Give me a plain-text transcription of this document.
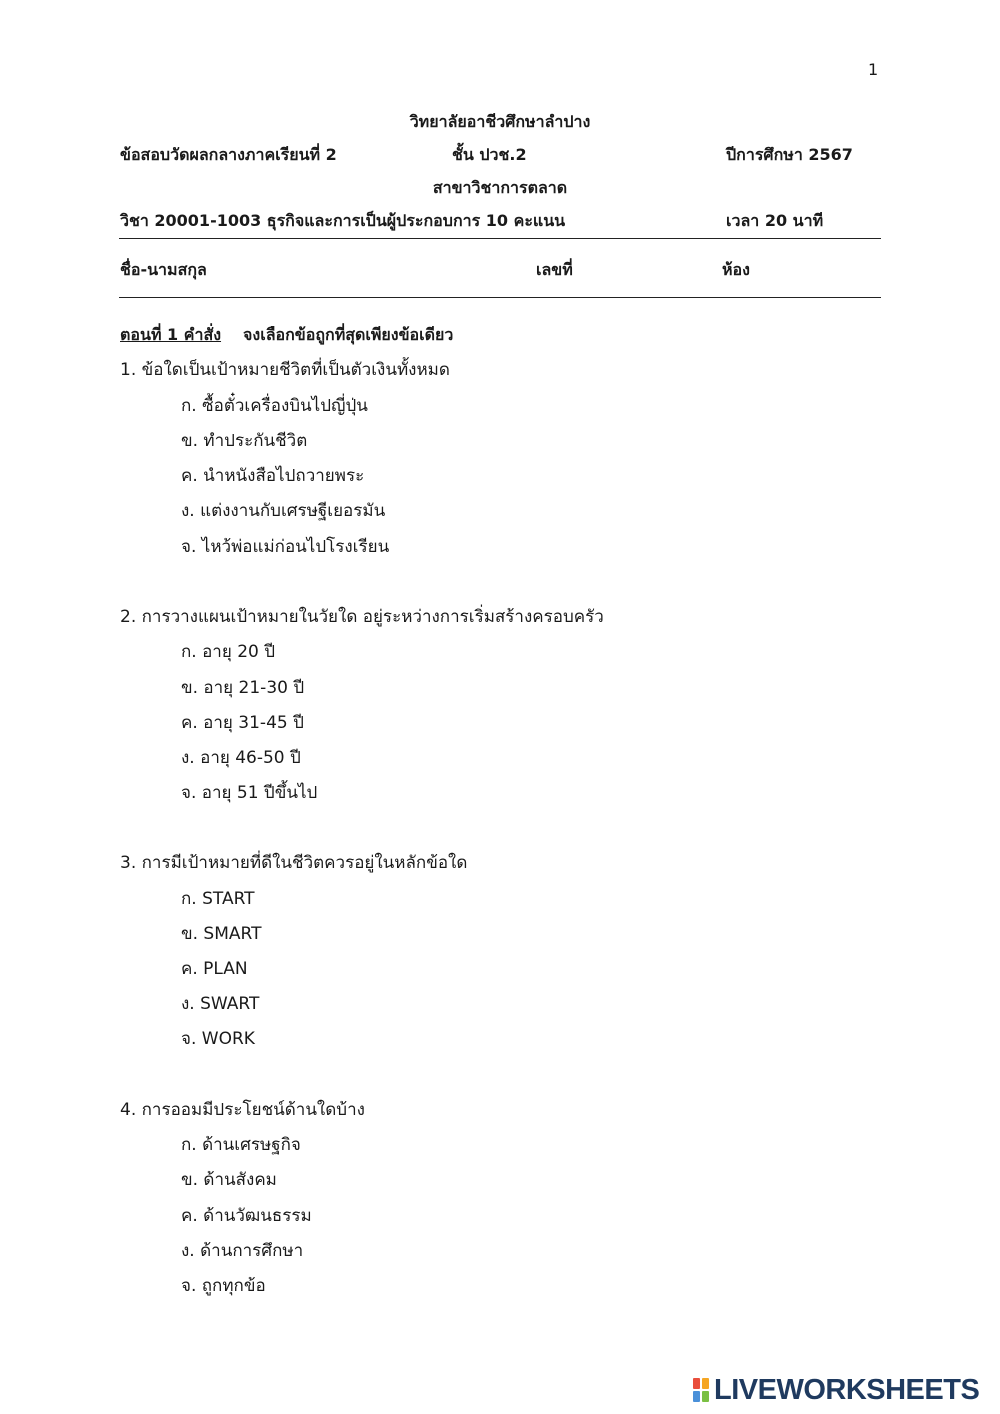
1
วิทยาลัยอาชีวศึกษาลำปาง
ข้อสอบวัดผลกลางภาคเรียนที่ 2	ชั้น ปวช.2	ปีการศึกษา 2567
สาขาวิชาการตลาด
วิชา 20001-1003 ธุรกิจและการเป็นผู้ประกอบการ 10 คะแนน	เวลา 20 นาที
ชื่อ-นามสกุล	เลขที่	ห้อง
ตอนที่ 1 คำสั่ง จงเลือกข้อถูกที่สุดเพียงข้อเดียว
1. ข้อใดเป็นเป้าหมายชีวิตที่เป็นตัวเงินทั้งหมด
ก. ซื้อตั๋วเครื่องบินไปญี่ปุ่น
ข. ทำประกันชีวิต
ค. นำหนังสือไปถวายพระ
ง. แต่งงานกับเศรษฐีเยอรมัน
จ. ไหว้พ่อแม่ก่อนไปโรงเรียน
2. การวางแผนเป้าหมายในวัยใด อยู่ระหว่างการเริ่มสร้างครอบครัว
ก. อายุ 20 ปี
ข. อายุ 21-30 ปี
ค. อายุ 31-45 ปี
ง. อายุ 46-50 ปี
จ. อายุ 51 ปีขึ้นไป
3. การมีเป้าหมายที่ดีในชีวิตควรอยู่ในหลักข้อใด
ก. START
ข. SMART
ค. PLAN
ง. SWART
จ. WORK
4. การออมมีประโยชน์ด้านใดบ้าง
ก. ด้านเศรษฐกิจ
ข. ด้านสังคม
ค. ด้านวัฒนธรรม
ง. ด้านการศึกษา
จ. ถูกทุกข้อ
LIVEWORKSHEETS
